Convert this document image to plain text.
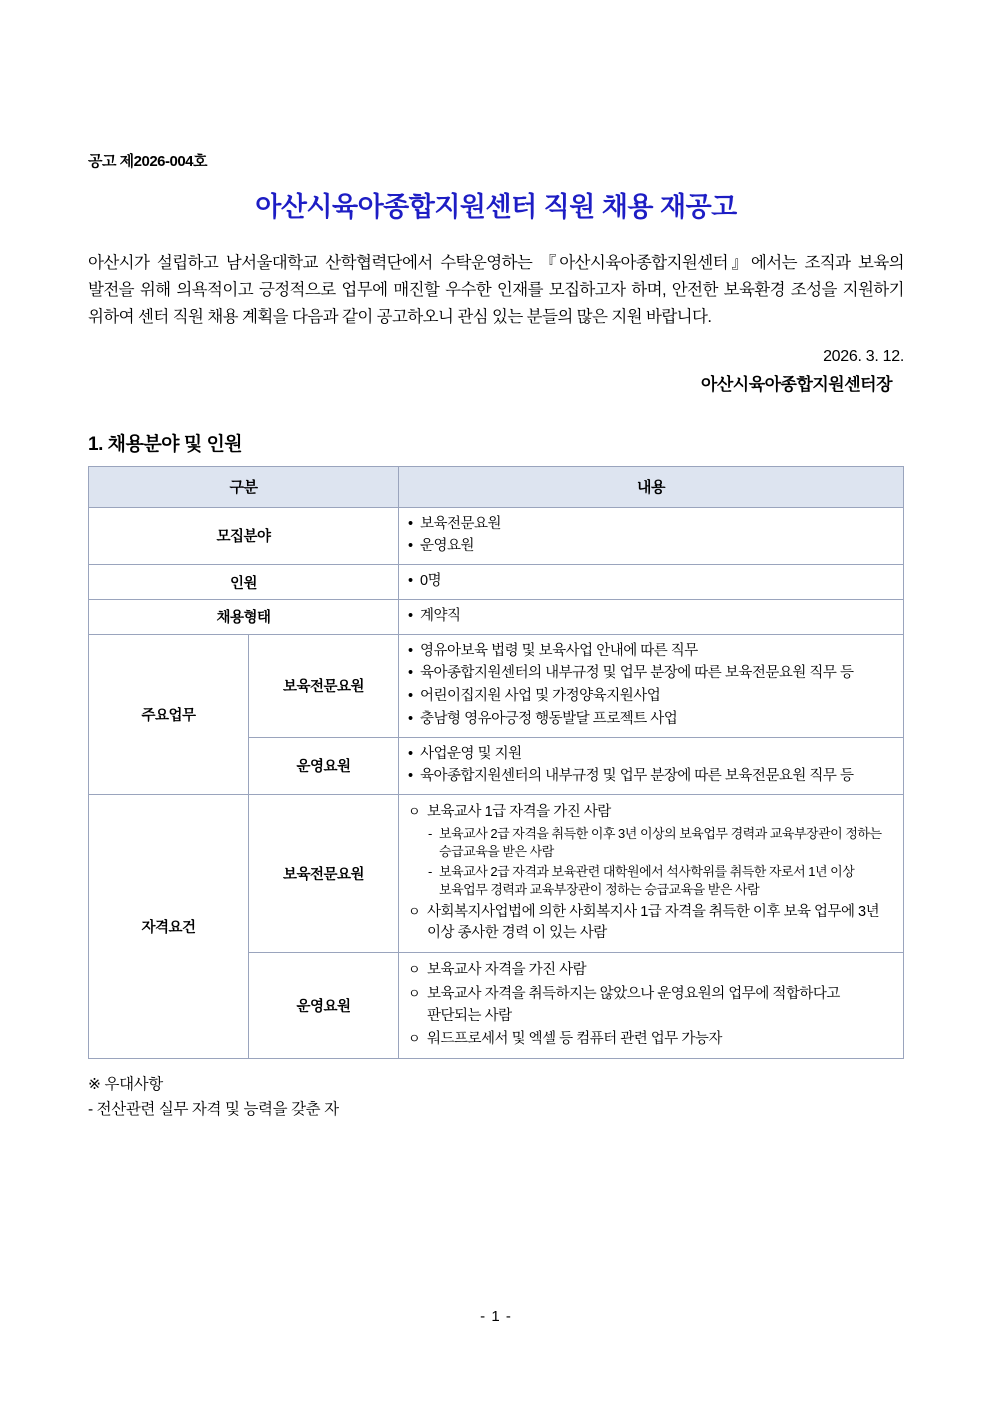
공고 제2026-004호
아산시육아종합지원센터 직원 채용 재공고

아산시가 설립하고 남서울대학교 산학협력단에서 수탁운영하는 『아산시육아종합지원센터』에서는 조직과 보육의 발전을 위해 의욕적이고 긍정적으로 업무에 매진할 우수한 인재를 모집하고자 하며, 안전한 보육환경 조성을 지원하기 위하여 센터 직원 채용 계획을 다음과 같이 공고하오니 관심 있는 분들의 많은 지원 바랍니다.

2026. 3. 12.
아산시육아종합지원센터장
1. 채용분야 및 인원
구분		내용
모집분야	
• 보육전문요원
• 운영요원

인원	
•0명

채용형태	
•계약직

주요업무	보육전문요원	
• 영유아보육 법령 및 보육사업 안내에 따른 직무
• 육아종합지원센터의 내부규정 및 업무 분장에 따른 보육전문요원 직무 등
• 어린이집지원 사업 및 가정양육지원사업
• 충남형 영유아긍정 행동발달 프로젝트 사업

운영요원	
• 사업운영 및 지원
• 육아종합지원센터의 내부규정 및 업무 분장에 따른 보육전문요원 직무 등

자격요건	보육전문요원	
ㅇ 보육교사 1급 자격을 가진 사람
- 보육교사 2급 자격을 취득한 이후 3년 이상의 보육업무 경력과 교육부장관이 정하는 승급교육을 받은 사람
- 보육교사 2급 자격과 보육관련 대학원에서 석사학위를 취득한 자로서 1년 이상 보육업무 경력과 교육부장관이 정하는 승급교육을 받은 사람
ㅇ 사회복지사업법에 의한 사회복지사 1급 자격을 취득한 이후 보육 업무에 3년 이상 종사한 경력 이 있는 사람

운영요원	
ㅇ 보육교사 자격을 가진 사람
ㅇ 보육교사 자격을 취득하지는 않았으나 운영요원의 업무에 적합하다고 판단되는 사람
ㅇ 워드프로세서 및 엑셀 등 컴퓨터 관련 업무 가능자
※ 우대사항
- 전산관련 실무 자격 및 능력을 갖춘 자
- 1 -
